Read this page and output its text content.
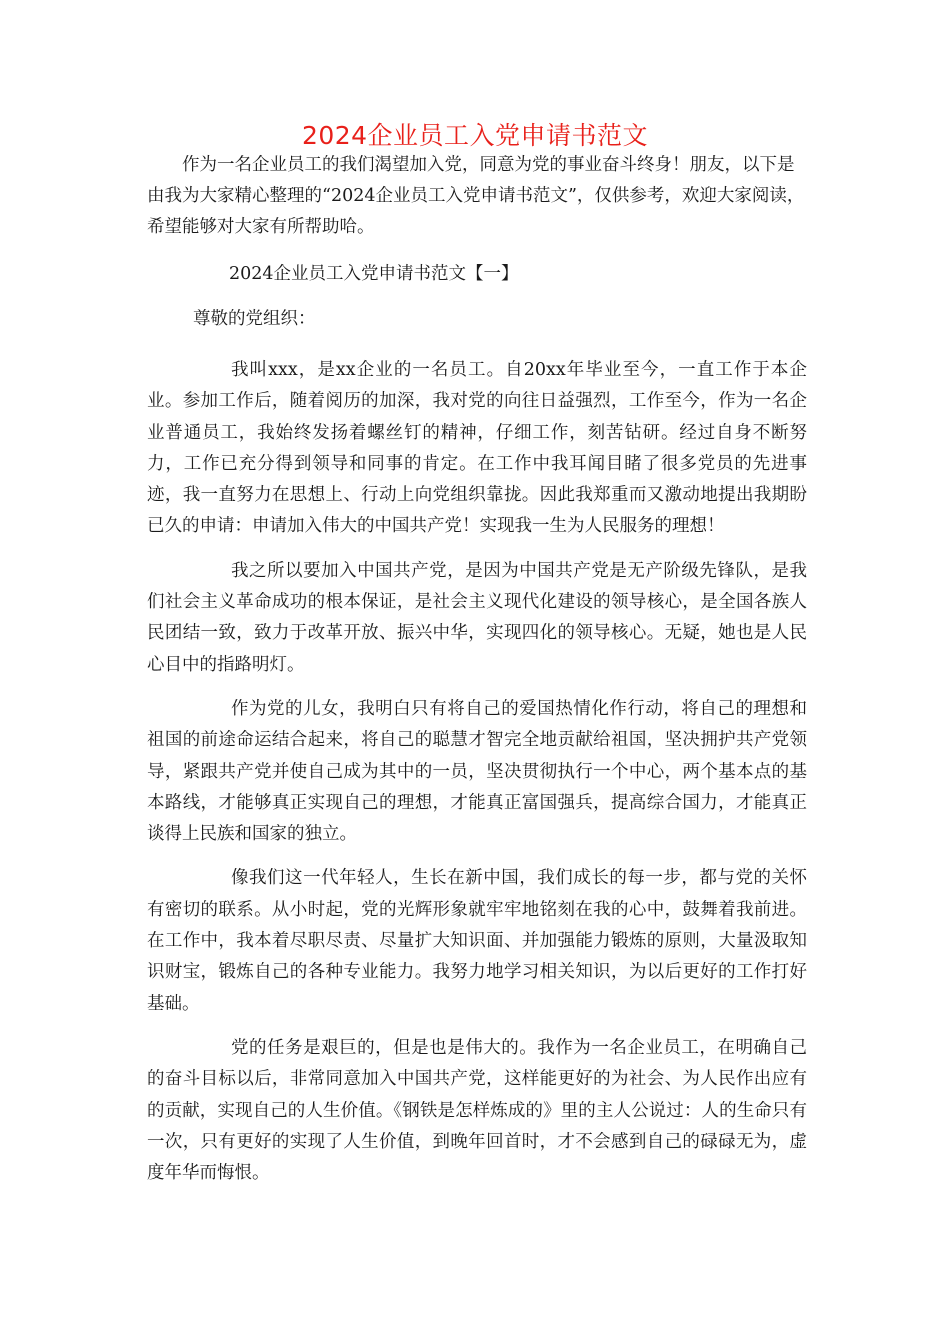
2024企业员工入党申请书范文

作为一名企业员工的我们渴望加入党，同意为党的事业奋斗终身！朋友，以下是由我为大家精心整理的“2024企业员工入党申请书范文”，仅供参考，欢迎大家阅读，希望能够对大家有所帮助哈。

2024企业员工入党申请书范文【一】

尊敬的党组织：

我叫xxx，是xx企业的一名员工。自20xx年毕业至今，一直工作于本企业。参加工作后，随着阅历的加深，我对党的向往日益强烈，工作至今，作为一名企业普通员工，我始终发扬着螺丝钉的精神，仔细工作，刻苦钻研。经过自身不断努力，工作已充分得到领导和同事的肯定。在工作中我耳闻目睹了很多党员的先进事迹，我一直努力在思想上、行动上向党组织靠拢。因此我郑重而又激动地提出我期盼已久的申请：申请加入伟大的中国共产党！实现我一生为人民服务的理想！

我之所以要加入中国共产党，是因为中国共产党是无产阶级先锋队，是我们社会主义革命成功的根本保证，是社会主义现代化建设的领导核心，是全国各族人民团结一致，致力于改革开放、振兴中华，实现四化的领导核心。无疑，她也是人民心目中的指路明灯。

作为党的儿女，我明白只有将自己的爱国热情化作行动，将自己的理想和祖国的前途命运结合起来，将自己的聪慧才智完全地贡献给祖国，坚决拥护共产党领导，紧跟共产党并使自己成为其中的一员，坚决贯彻执行一个中心，两个基本点的基本路线，才能够真正实现自己的理想，才能真正富国强兵，提高综合国力，才能真正谈得上民族和国家的独立。

像我们这一代年轻人，生长在新中国，我们成长的每一步，都与党的关怀有密切的联系。从小时起，党的光辉形象就牢牢地铭刻在我的心中，鼓舞着我前进。在工作中，我本着尽职尽责、尽量扩大知识面、并加强能力锻炼的原则，大量汲取知识财宝，锻炼自己的各种专业能力。我努力地学习相关知识，为以后更好的工作打好基础。

党的任务是艰巨的，但是也是伟大的。我作为一名企业员工，在明确自己的奋斗目标以后，非常同意加入中国共产党，这样能更好的为社会、为人民作出应有的贡献，实现自己的人生价值。《钢铁是怎样炼成的》里的主人公说过：人的生命只有一次，只有更好的实现了人生价值，到晚年回首时，才不会感到自己的碌碌无为，虚度年华而悔恨。
